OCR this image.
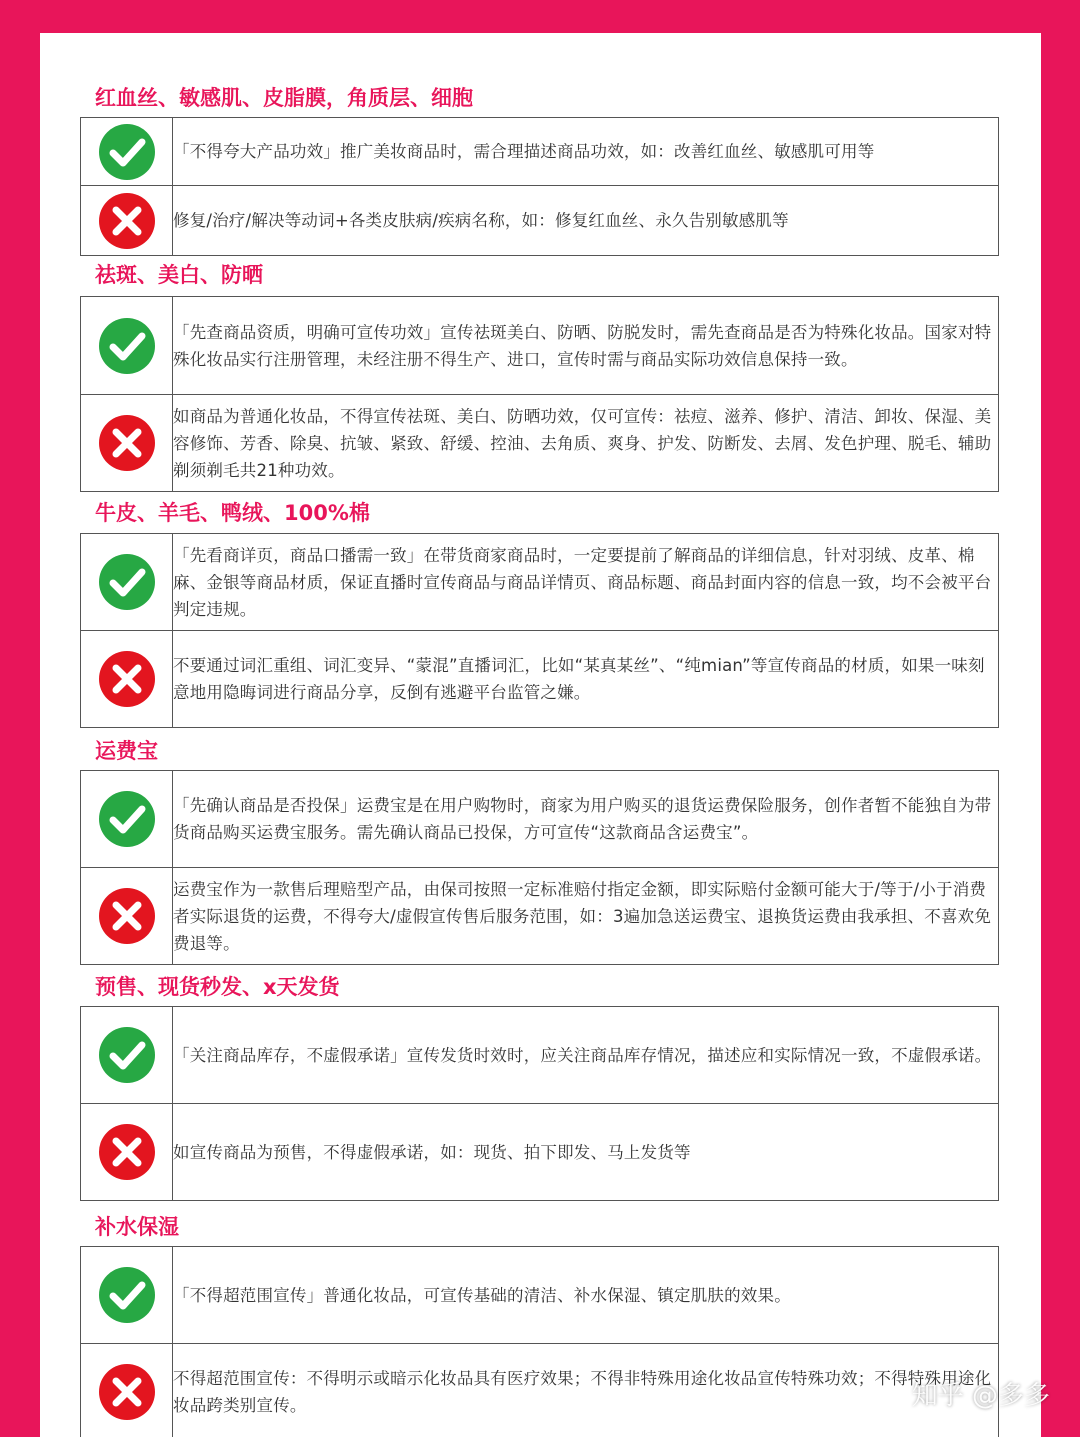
红血丝、敏感肌、皮脂膜，角质层、细胞
	「不得夸大产品功效」推广美妆商品时，需合理描述商品功效，如：改善红血丝、敏感肌可用等
	修复/治疗/解决等动词+各类皮肤病/疾病名称，如：修复红血丝、永久告别敏感肌等
祛斑、美白、防晒
	「先查商品资质，明确可宣传功效」宣传祛斑美白、防晒、防脱发时，需先查商品是否为特殊化妆品。国家对特殊化妆品实行注册管理，未经注册不得生产、进口，宣传时需与商品实际功效信息保持一致。
	如商品为普通化妆品，不得宣传祛斑、美白、防晒功效，仅可宣传：祛痘、滋养、修护、清洁、卸妆、保湿、美容修饰、芳香、除臭、抗皱、紧致、舒缓、控油、去角质、爽身、护发、防断发、去屑、发色护理、脱毛、辅助剃须剃毛共21种功效。
牛皮、羊毛、鸭绒、100%棉
	「先看商详页，商品口播需一致」在带货商家商品时，一定要提前了解商品的详细信息，针对羽绒、皮革、棉麻、金银等商品材质，保证直播时宣传商品与商品详情页、商品标题、商品封面内容的信息一致，均不会被平台判定违规。
	不要通过词汇重组、词汇变异、“蒙混”直播词汇，比如“某真某丝”、“纯mian”等宣传商品的材质，如果一味刻意地用隐晦词进行商品分享，反倒有逃避平台监管之嫌。
运费宝
	「先确认商品是否投保」运费宝是在用户购物时，商家为用户购买的退货运费保险服务，创作者暂不能独自为带货商品购买运费宝服务。需先确认商品已投保，方可宣传“这款商品含运费宝”。
	运费宝作为一款售后理赔型产品，由保司按照一定标准赔付指定金额，即实际赔付金额可能大于/等于/小于消费者实际退货的运费，不得夸大/虚假宣传售后服务范围，如：3遍加急送运费宝、退换货运费由我承担、不喜欢免费退等。
预售、现货秒发、x天发货
	「关注商品库存，不虚假承诺」宣传发货时效时，应关注商品库存情况，描述应和实际情况一致，不虚假承诺。
	如宣传商品为预售，不得虚假承诺，如：现货、拍下即发、马上发货等
补水保湿
	「不得超范围宣传」普通化妆品，可宣传基础的清洁、补水保湿、镇定肌肤的效果。
	不得超范围宣传：不得明示或暗示化妆品具有医疗效果；不得非特殊用途化妆品宣传特殊功效；不得特殊用途化妆品跨类别宣传。	知乎 @多多
